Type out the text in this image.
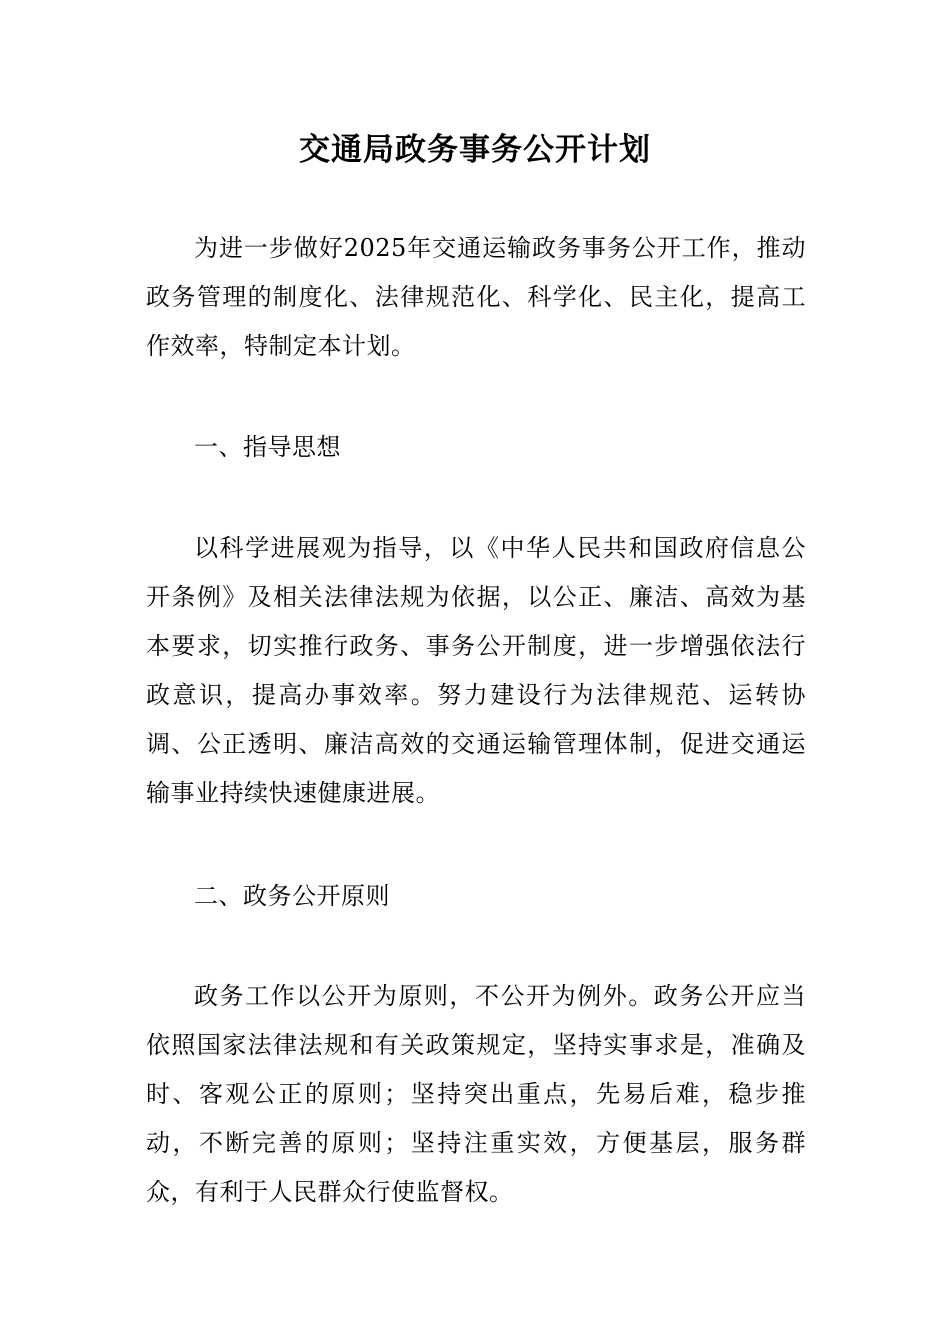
交通局政务事务公开计划

为进一步做好2025年交通运输政务事务公开工作，推动政务管理的制度化、法律规范化、科学化、民主化，提高工作效率，特制定本计划。

一、指导思想

以科学进展观为指导，以《中华人民共和国政府信息公开条例》及相关法律法规为依据，以公正、廉洁、高效为基本要求，切实推行政务、事务公开制度，进一步增强依法行政意识，提高办事效率。努力建设行为法律规范、运转协调、公正透明、廉洁高效的交通运输管理体制，促进交通运输事业持续快速健康进展。

二、政务公开原则

政务工作以公开为原则，不公开为例外。政务公开应当依照国家法律法规和有关政策规定，坚持实事求是，准确及时、客观公正的原则；坚持突出重点，先易后难，稳步推动，不断完善的原则；坚持注重实效，方便基层，服务群众，有利于人民群众行使监督权。
